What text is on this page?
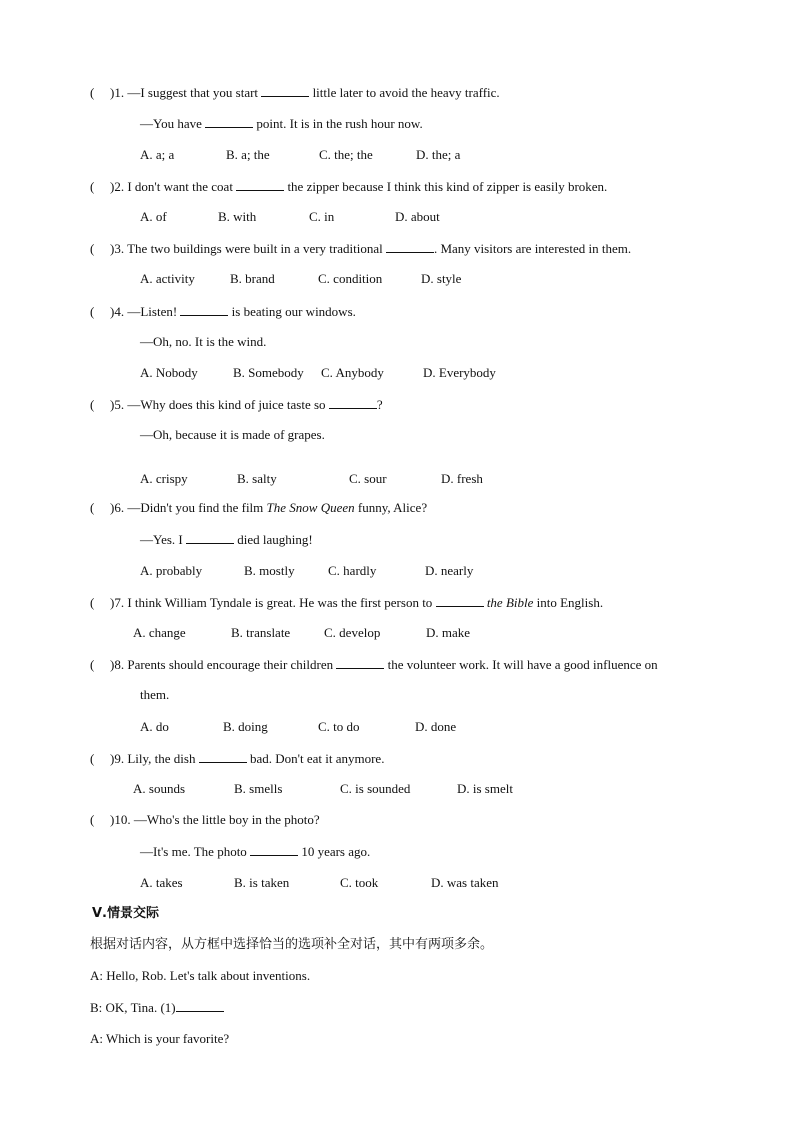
( )1. —I suggest that you start	little later to avoid the heavy traffic.
—You have	point. It is in the rush hour now.
A. a; a	B. a; the	C. the; the	D. the; a
( )2. I don't want the coat	the zipper because I think this kind of zipper is easily broken.
A. of	B. with	C. in	D. about
( )3. The two buildings were built in a very traditional	. Many visitors are interested in them.
A. activity	B. brand	C. condition	D. style
( )4. —Listen!	is beating our windows.
—Oh, no. It is the wind.
A. Nobody	B. Somebody C. Anybody	D. Everybody
( )5. —Why does this kind of juice taste so	?
—Oh, because it is made of grapes.
A. crispy	B. salty	C. sour	D. fresh
( )6. —Didn't you find the film The Snow Queen funny, Alice?
—Yes. I	died laughing!
A. probably	B. mostly	C. hardly	D. nearly
( )7. I think William Tyndale is great. He was the first person to	the Bible into English.
A. change	B. translate	C. develop	D. make
( )8. Parents should encourage their children	the volunteer work. It will have a good influence on
them.
A. do	B. doing	C. to do	D. done
( )9. Lily, the dish	bad. Don't eat it anymore.
A. sounds	B. smells	C. is sounded	D. is smelt
( )10. —Who's the little boy in the photo?
—It's me. The photo	10 years ago.
A. takes	B. is taken	C. took	D. was taken
Ⅴ.情景交际
根据对话内容，从方框中选择恰当的选项补全对话，其中有两项多余。
A: Hello, Rob. Let's talk about inventions.
B: OK, Tina. (1)
A: Which is your favorite?
